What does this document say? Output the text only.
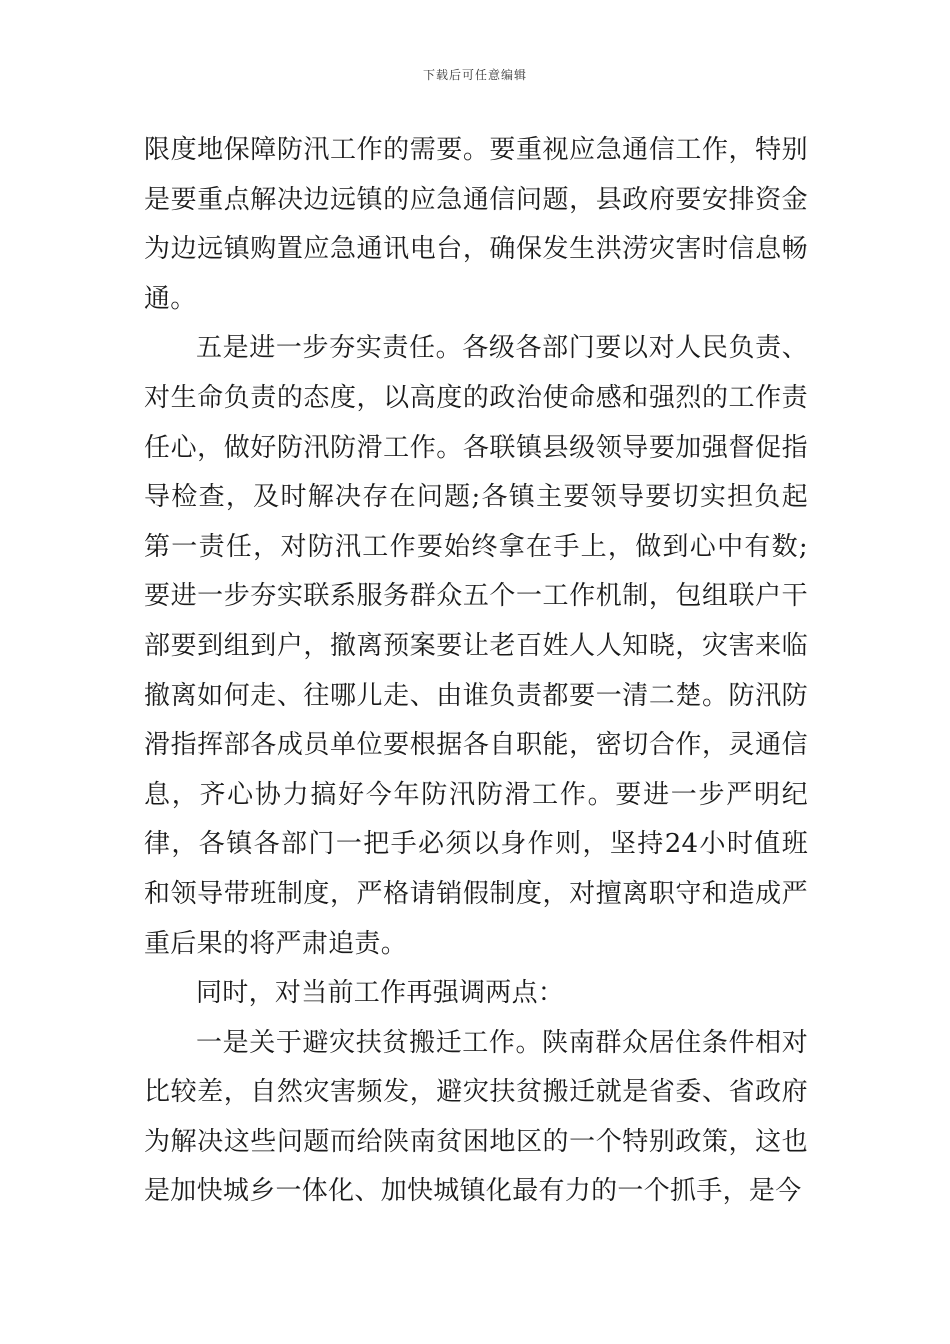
下载后可任意编辑

限度地保障防汛工作的需要。要重视应急通信工作，特别是要重点解决边远镇的应急通信问题，县政府要安排资金为边远镇购置应急通讯电台，确保发生洪涝灾害时信息畅通。

五是进一步夯实责任。各级各部门要以对人民负责、对生命负责的态度，以高度的政治使命感和强烈的工作责任心，做好防汛防滑工作。各联镇县级领导要加强督促指导检查，及时解决存在问题;各镇主要领导要切实担负起第一责任，对防汛工作要始终拿在手上，做到心中有数;要进一步夯实联系服务群众五个一工作机制，包组联户干部要到组到户，撤离预案要让老百姓人人知晓，灾害来临撤离如何走、往哪儿走、由谁负责都要一清二楚。防汛防滑指挥部各成员单位要根据各自职能，密切合作，灵通信息，齐心协力搞好今年防汛防滑工作。要进一步严明纪律，各镇各部门一把手必须以身作则，坚持24小时值班和领导带班制度，严格请销假制度，对擅离职守和造成严重后果的将严肃追责。

同时，对当前工作再强调两点：

一是关于避灾扶贫搬迁工作。陕南群众居住条件相对比较差，自然灾害频发，避灾扶贫搬迁就是省委、省政府为解决这些问题而给陕南贫困地区的一个特别政策，这也是加快城乡一体化、加快城镇化最有力的一个抓手，是今
